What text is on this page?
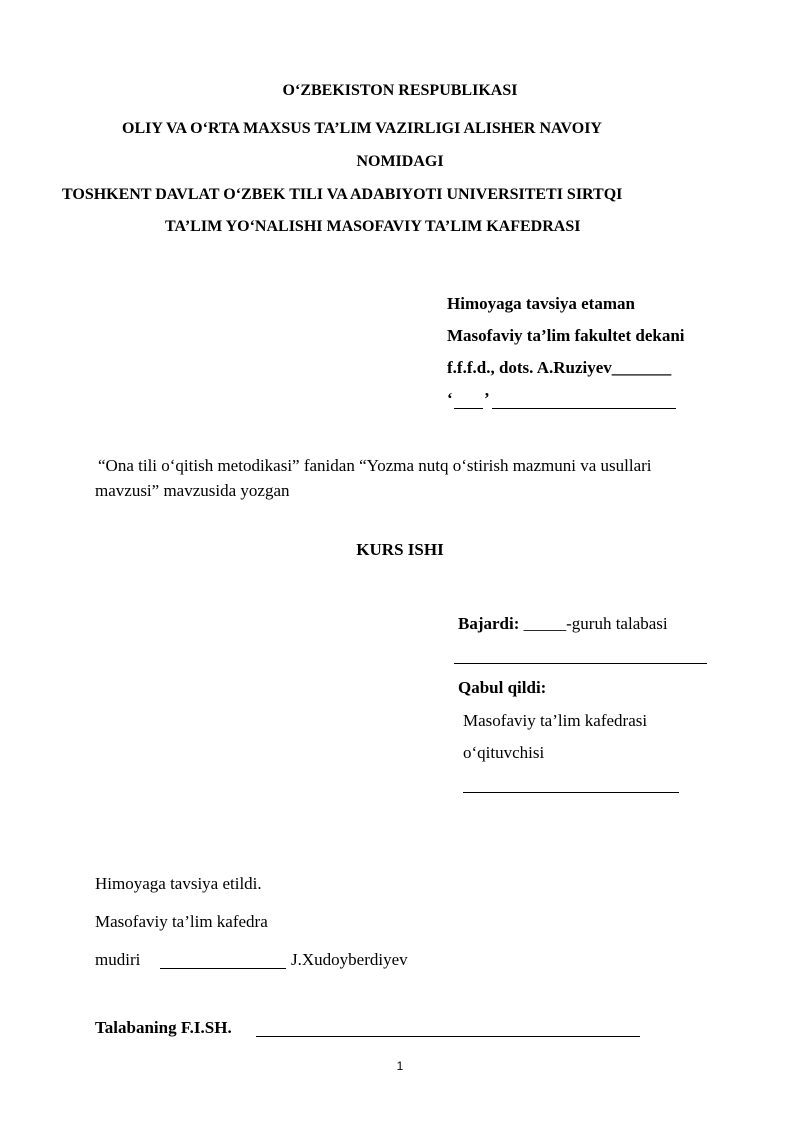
O‘ZBEKISTON RESPUBLIKASI
OLIY VA O‘RTA MAXSUS TA’LIM VAZIRLIGI ALISHER NAVOIY
NOMIDAGI
TOSHKENT DAVLAT O‘ZBEK TILI VA ADABIYOTI UNIVERSITETI SIRTQI
TA’LIM YO‘NALISHI MASOFAVIY TA’LIM KAFEDRASI
Himoyaga tavsiya etaman
Masofaviy ta’lim fakultet dekani
f.f.f.d., dots. A.Ruziyev_______
‘ ’
“Ona tili o‘qitish metodikasi” fanidan “Yozma nutq o‘stirish mazmuni va usullari
mavzusi” mavzusida yozgan
KURS ISHI
Bajardi: _____-guruh talabasi
Qabul qildi:
Masofaviy ta’lim kafedrasi
o‘qituvchisi
Himoyaga tavsiya etildi.
Masofaviy ta’lim kafedra
mudiri	J.Xudoyberdiyev
Talabaning F.I.SH.
1
